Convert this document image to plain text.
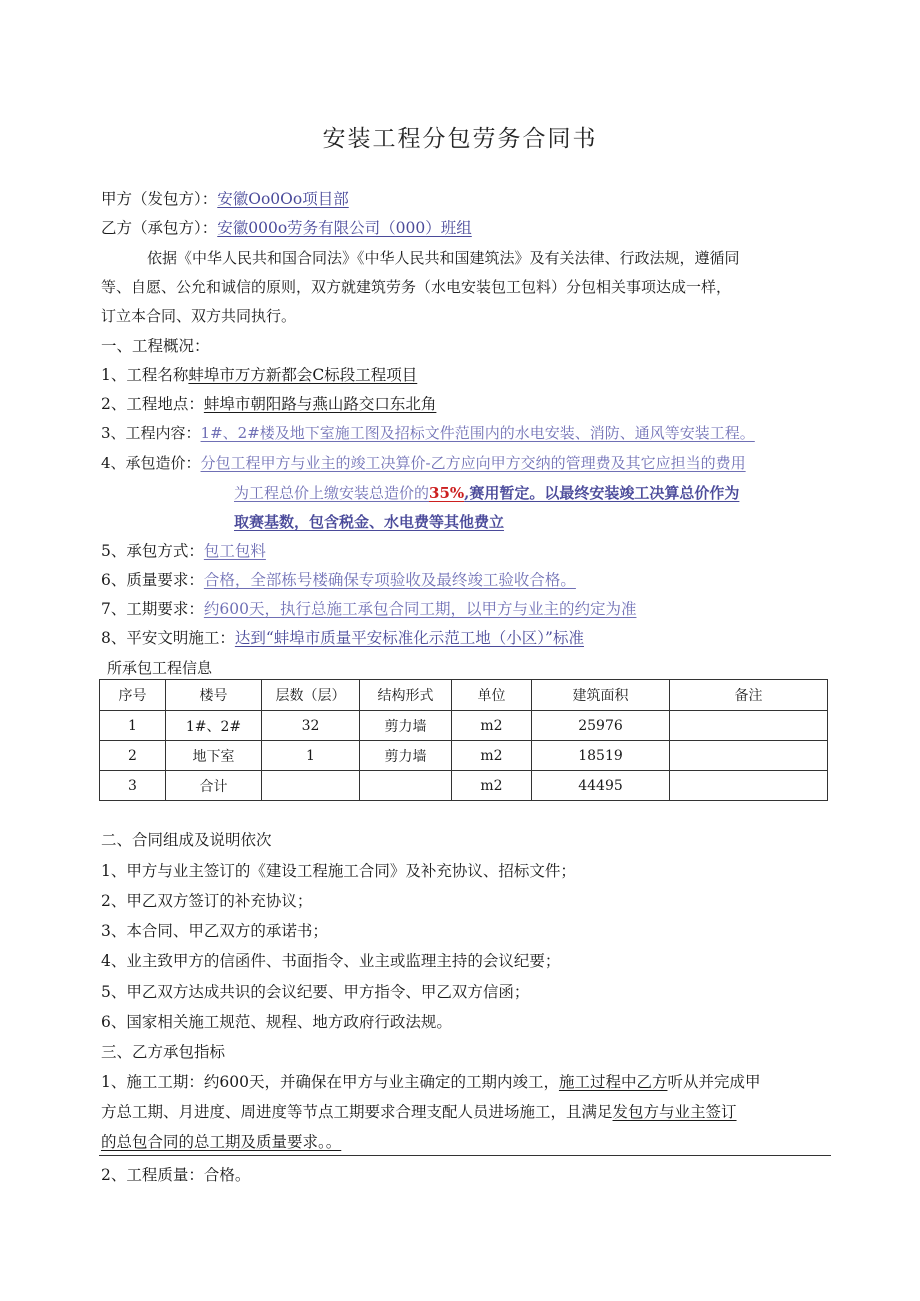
安装工程分包劳务合同书
甲方（发包方）：安徽Oo0Oo项目部
乙方（承包方）：安徽000o劳务有限公司（000）班组
依据《中华人民共和国合同法》《中华人民共和国建筑法》及有关法律、行政法规，遵循同
等、自愿、公允和诚信的原则，双方就建筑劳务（水电安装包工包料）分包相关事项达成一样，
订立本合同、双方共同执行。
一、工程概况：
1、工程名称蚌埠市万方新都会C标段工程项目
2、工程地点：蚌埠市朝阳路与燕山路交口东北角
3、工程内容：1#、2#楼及地下室施工图及招标文件范围内的水电安装、消防、通风等安装工程。
4、承包造价：分包工程甲方与业主的竣工决算价-乙方应向甲方交纳的管理费及其它应担当的费用
为工程总价上缴安装总造价的35%,赛用暂定。以最终安装竣工决算总价作为
取赛基数，包含税金、水电费等其他费立
5、承包方式：包工包料
6、质量要求：合格，全部栋号楼确保专项验收及最终竣工验收合格。
7、工期要求：约600天，执行总施工承包合同工期，以甲方与业主的约定为准
8、平安文明施工：达到“蚌埠市质量平安标准化示范工地（小区）”标准
所承包工程信息
序号	楼号	层数（层）	结构形式	单位	建筑面积	备注
1	1#、2#	32	剪力墙	m2	25976	
2	地下室	1	剪力墙	m2	18519	
3	合计			m2	44495	
二、合同组成及说明依次
1、甲方与业主签订的《建设工程施工合同》及补充协议、招标文件；
2、甲乙双方签订的补充协议；
3、本合同、甲乙双方的承诺书；
4、业主致甲方的信函件、书面指令、业主或监理主持的会议纪要；
5、甲乙双方达成共识的会议纪要、甲方指令、甲乙双方信函；
6、国家相关施工规范、规程、地方政府行政法规。
三、乙方承包指标
1、施工工期：约600天，并确保在甲方与业主确定的工期内竣工，施工过程中乙方听从并完成甲
方总工期、月进度、周进度等节点工期要求合理支配人员进场施工，且满足发包方与业主签订
的总包合同的总工期及质量要求。。
2、工程质量：合格。
